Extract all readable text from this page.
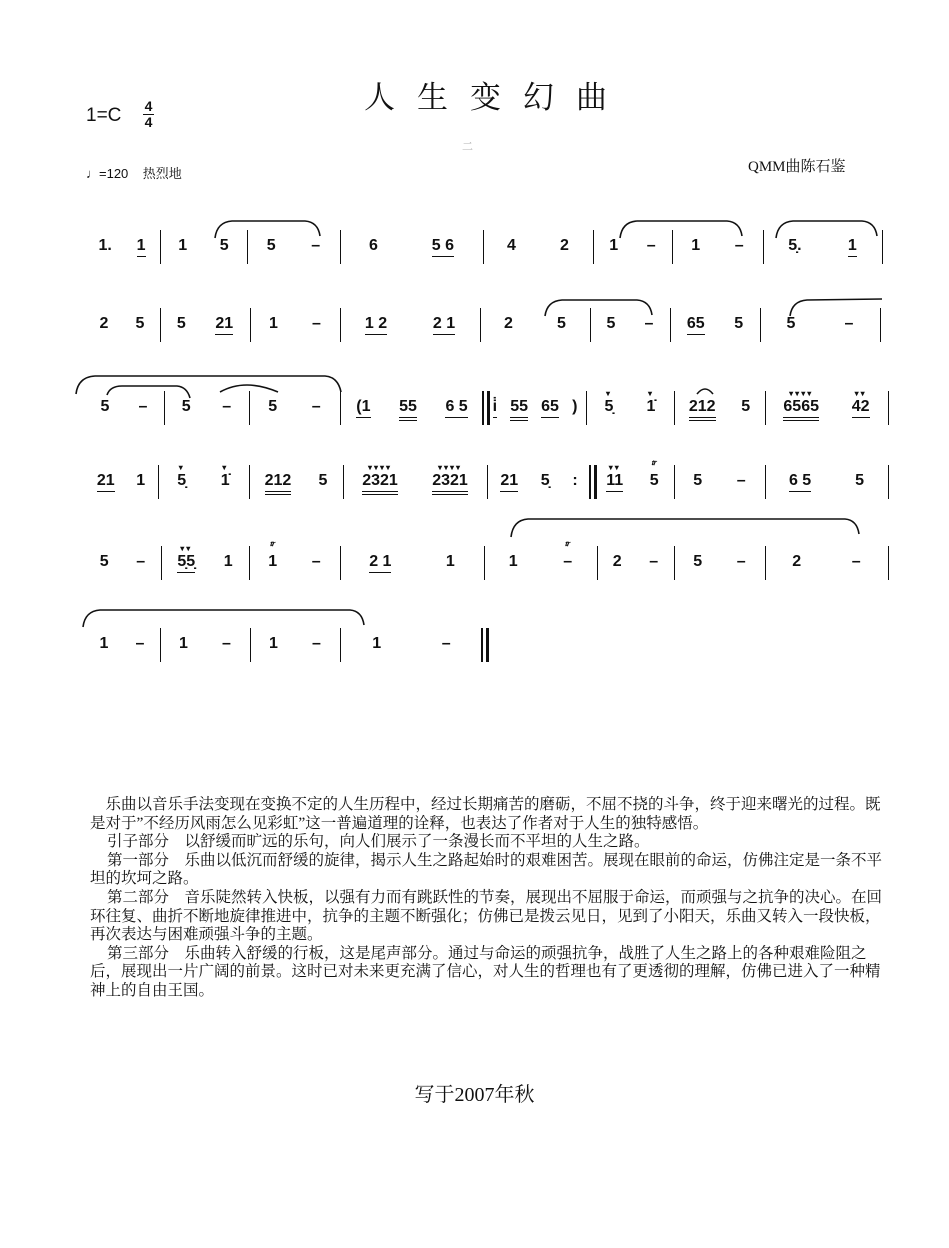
人生变幻曲
1=C 4
4
二
♩=120 热烈地	QMM曲陈石鉴
1. 1 1 5 5 –	6	5 6	4	2	1 – 1 –	5̣.	1
2 5 5 21 1 –	1 2	2 1	2	5	5 – 65 5	5	–
5 – 5 – 5 – (1 55 6 5 i̇ 55 65 ) 5̣
▾
1̇
▾
212 5 6565
▾▾▾▾
42
▾▾
21 1 5̣
▾
1̇
▾
212 5 2321
▾▾▾▾
2321
▾▾▾▾
21 5̣ : 11
▾▾
5
𝆖
5 –	6 5	5
5 – 5̣5̣
▾▾
1 1
𝆖
–	2 1	1	1	–
𝆖
2 – 5 –	2	–
1 – 1 – 1 –	1	–

乐曲以音乐手法变现在变换不定的人生历程中，经过长期痛苦的磨砺，不屈不挠的斗争，终于迎来曙光的过程。既是对于”不经历风雨怎么见彩虹”这一普遍道理的诠释，也表达了作者对于人生的独特感悟。

引子部分　以舒缓而旷远的乐句，向人们展示了一条漫长而不平坦的人生之路。

第一部分　乐曲以低沉而舒缓的旋律，揭示人生之路起始时的艰难困苦。展现在眼前的命运，仿佛注定是一条不平坦的坎坷之路。

第二部分　音乐陡然转入快板，以强有力而有跳跃性的节奏，展现出不屈服于命运，而顽强与之抗争的决心。在回环往复、曲折不断地旋律推进中，抗争的主题不断强化；仿佛已是拨云见日，见到了小阳天，乐曲又转入一段快板，再次表达与困难顽强斗争的主题。

第三部分　乐曲转入舒缓的行板，这是尾声部分。通过与命运的顽强抗争，战胜了人生之路上的各种艰难险阻之后，展现出一片广阔的前景。这时已对未来更充满了信心，对人生的哲理也有了更透彻的理解，仿佛已进入了一种精神上的自由王国。

写于2007年秋
